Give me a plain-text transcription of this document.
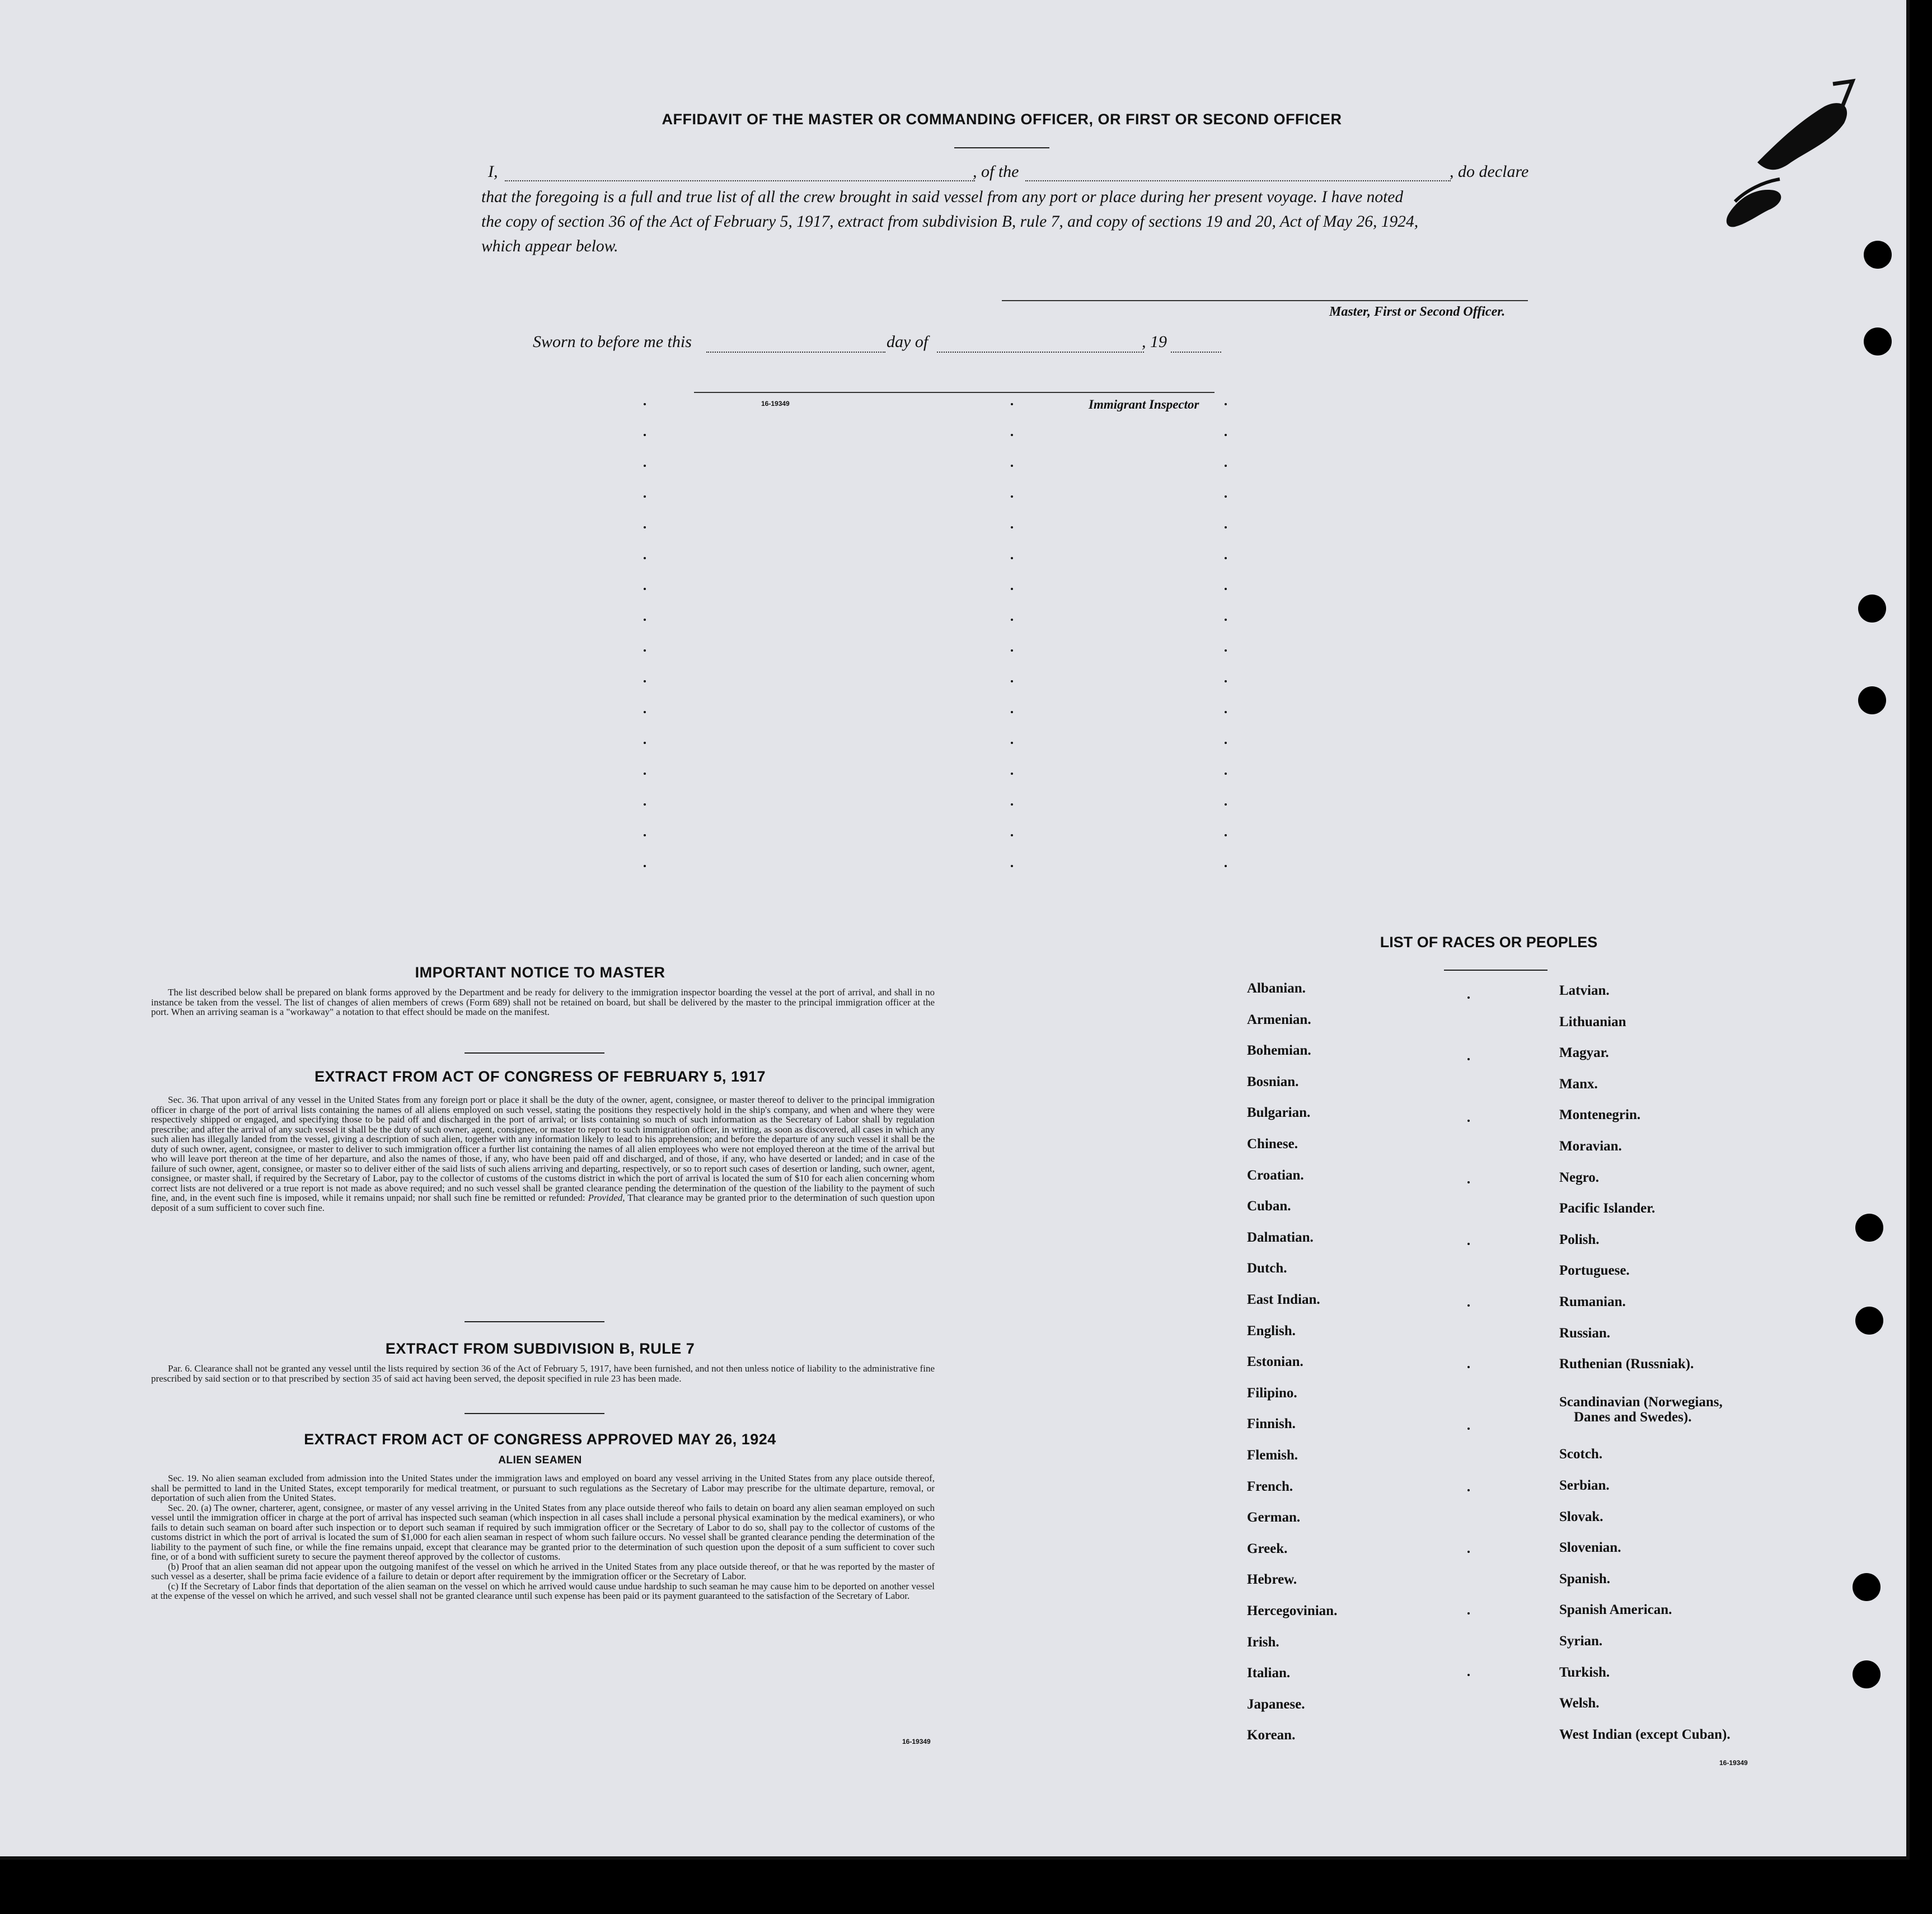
AFFIDAVIT OF THE MASTER OR COMMANDING OFFICER, OR FIRST OR SECOND OFFICER
I,	, of the	, do declare
that the foregoing is a full and true list of all the crew brought in said vessel from any port or place during her present voyage. I have noted
the copy of section 36 of the Act of February 5, 1917, extract from subdivision B, rule 7, and copy of sections 19 and 20, Act of May 26, 1924,
which appear below.
Master, First or Second Officer.
Sworn to before me this	day of	, 19
16-19349	Immigrant Inspector
IMPORTANT NOTICE TO MASTER

The list described below shall be prepared on blank forms approved by the Department and be ready for delivery to the immigration inspector boarding the vessel at the port of arrival, and shall in no instance be taken from the vessel. The list of changes of alien members of crews (Form 689) shall not be retained on board, but shall be delivered by the master to the principal immigration officer at the port. When an arriving seaman is a "workaway" a notation to that effect should be made on the manifest.

EXTRACT FROM ACT OF CONGRESS OF FEBRUARY 5, 1917

Sec. 36. That upon arrival of any vessel in the United States from any foreign port or place it shall be the duty of the owner, agent, consignee, or master thereof to deliver to the principal immigration officer in charge of the port of arrival lists containing the names of all aliens employed on such vessel, stating the positions they respectively hold in the ship's company, and when and where they were respectively shipped or engaged, and specifying those to be paid off and discharged in the port of arrival; or lists containing so much of such information as the Secretary of Labor shall by regulation prescribe; and after the arrival of any such vessel it shall be the duty of such owner, agent, consignee, or master to report to such immigration officer, in writing, as soon as discovered, all cases in which any such alien has illegally landed from the vessel, giving a description of such alien, together with any information likely to lead to his apprehension; and before the departure of any such vessel it shall be the duty of such owner, agent, consignee, or master to deliver to such immigration officer a further list containing the names of all alien employees who were not employed thereon at the time of the arrival but who will leave port thereon at the time of her departure, and also the names of those, if any, who have been paid off and discharged, and of those, if any, who have deserted or landed; and in case of the failure of such owner, agent, consignee, or master so to deliver either of the said lists of such aliens arriving and departing, respectively, or so to report such cases of desertion or landing, such owner, agent, consignee, or master shall, if required by the Secretary of Labor, pay to the collector of customs of the customs district in which the port of arrival is located the sum of $10 for each alien concerning whom correct lists are not delivered or a true report is not made as above required; and no such vessel shall be granted clearance pending the determination of the question of the liability to the payment of such fine, and, in the event such fine is imposed, while it remains unpaid; nor shall such fine be remitted or refunded: Provided, That clearance may be granted prior to the determination of such question upon deposit of a sum sufficient to cover such fine.

EXTRACT FROM SUBDIVISION B, RULE 7

Par. 6. Clearance shall not be granted any vessel until the lists required by section 36 of the Act of February 5, 1917, have been furnished, and not then unless notice of liability to the administrative fine prescribed by said section or to that prescribed by section 35 of said act having been served, the deposit specified in rule 23 has been made.

EXTRACT FROM ACT OF CONGRESS APPROVED MAY 26, 1924
ALIEN SEAMEN

Sec. 19. No alien seaman excluded from admission into the United States under the immigration laws and employed on board any vessel arriving in the United States from any place outside thereof, shall be permitted to land in the United States, except temporarily for medical treatment, or pursuant to such regulations as the Secretary of Labor may prescribe for the ultimate departure, removal, or deportation of such alien from the United States.

Sec. 20. (a) The owner, charterer, agent, consignee, or master of any vessel arriving in the United States from any place outside thereof who fails to detain on board any alien seaman employed on such vessel until the immigration officer in charge at the port of arrival has inspected such seaman (which inspection in all cases shall include a personal physical examination by the medical examiners), or who fails to detain such seaman on board after such inspection or to deport such seaman if required by such immigration officer or the Secretary of Labor to do so, shall pay to the collector of customs of the customs district in which the port of arrival is located the sum of $1,000 for each alien seaman in respect of whom such failure occurs. No vessel shall be granted clearance pending the determination of the liability to the payment of such fine, or while the fine remains unpaid, except that clearance may be granted prior to the determination of such question upon the deposit of a sum sufficient to cover such fine, or of a bond with sufficient surety to secure the payment thereof approved by the collector of customs.

(b) Proof that an alien seaman did not appear upon the outgoing manifest of the vessel on which he arrived in the United States from any place outside thereof, or that he was reported by the master of such vessel as a deserter, shall be prima facie evidence of a failure to detain or deport after requirement by the immigration officer or the Secretary of Labor.

(c) If the Secretary of Labor finds that deportation of the alien seaman on the vessel on which he arrived would cause undue hardship to such seaman he may cause him to be deported on another vessel at the expense of the vessel on which he arrived, and such vessel shall not be granted clearance until such expense has been paid or its payment guaranteed to the satisfaction of the Secretary of Labor.

16-19349
LIST OF RACES OR PEOPLES
16-19349
Albanian.
Armenian.
Bohemian.
Bosnian.
Bulgarian.
Chinese.
Croatian.
Cuban.
Dalmatian.
Dutch.
East Indian.
English.
Estonian.
Filipino.
Finnish.
Flemish.
French.
German.
Greek.
Hebrew.
Hercegovinian.
Irish.
Italian.
Japanese.
Korean.
Latvian.
Lithuanian
Magyar.
Manx.
Montenegrin.
Moravian.
Negro.
Pacific Islander.
Polish.
Portuguese.
Rumanian.
Russian.
Ruthenian (Russniak).
Scandinavian (Norwegians,
Danes and Swedes).
Scotch.
Serbian.
Slovak.
Slovenian.
Spanish.
Spanish American.
Syrian.
Turkish.
Welsh.
West Indian (except Cuban).
